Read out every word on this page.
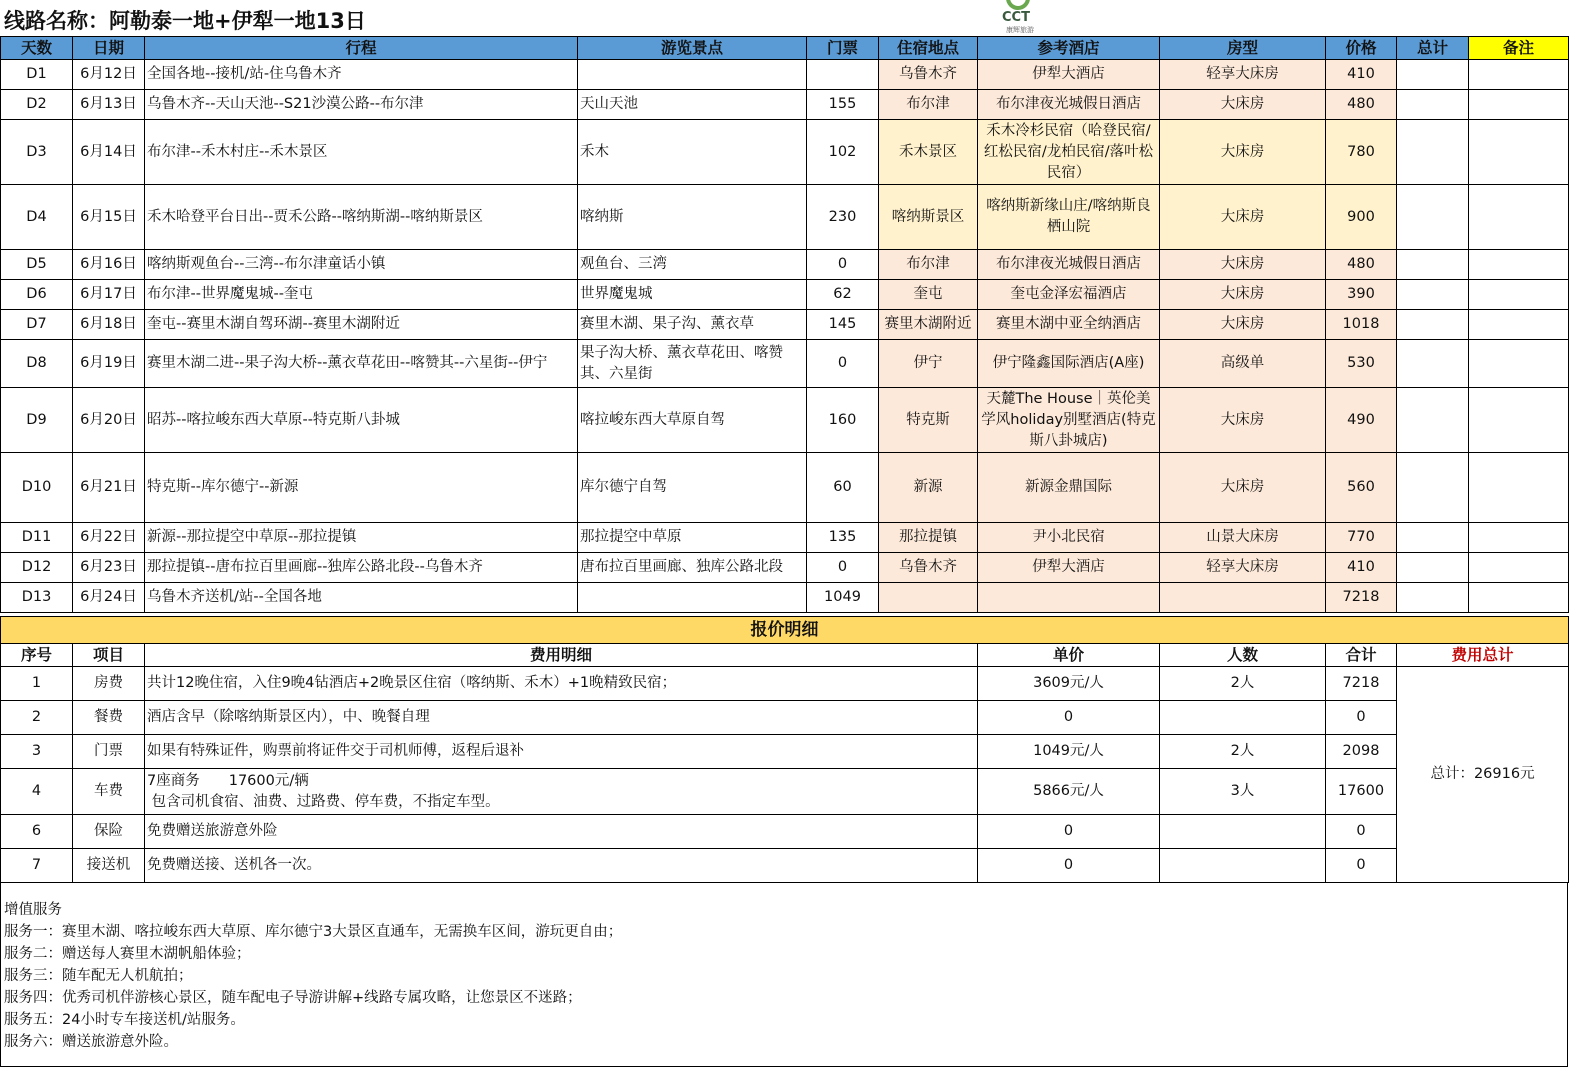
线路名称：阿勒泰一地+伊犁一地13日	CCT
康辉旅游
天数	日期	行程	游览景点	门票	住宿地点	参考酒店	房型	价格	总计	备注
D1	6月12日	全国各地--接机/站-住乌鲁木齐			乌鲁木齐	伊犁大酒店	轻享大床房	410		
D2	6月13日	乌鲁木齐--天山天池--S21沙漠公路--布尔津	天山天池	155	布尔津	布尔津夜光城假日酒店	大床房	480		
D3	6月14日	布尔津--禾木村庄--禾木景区	禾木	102	禾木景区	禾木冷杉民宿（哈登民宿/红松民宿/龙柏民宿/落叶松民宿）	大床房	780		
D4	6月15日	禾木哈登平台日出--贾禾公路--喀纳斯湖--喀纳斯景区	喀纳斯	230	喀纳斯景区	喀纳斯新缘山庄/喀纳斯良栖山院	大床房	900		
D5	6月16日	喀纳斯观鱼台--三湾--布尔津童话小镇	观鱼台、三湾	0	布尔津	布尔津夜光城假日酒店	大床房	480		
D6	6月17日	布尔津--世界魔鬼城--奎屯	世界魔鬼城	62	奎屯	奎屯金泽宏福酒店	大床房	390		
D7	6月18日	奎屯--赛里木湖自驾环湖--赛里木湖附近	赛里木湖、果子沟、薰衣草	145	赛里木湖附近	赛里木湖中亚全纳酒店	大床房	1018		
D8	6月19日	赛里木湖二进--果子沟大桥--薰衣草花田--喀赞其--六星街--伊宁	果子沟大桥、薰衣草花田、喀赞其、六星街	0	伊宁	伊宁隆鑫国际酒店(A座)	高级单	530		
D9	6月20日	昭苏--喀拉峻东西大草原--特克斯八卦城	喀拉峻东西大草原自驾	160	特克斯	天麓The House｜英伦美学风holiday别墅酒店(特克斯八卦城店)	大床房	490		
D10	6月21日	特克斯--库尔德宁--新源	库尔德宁自驾	60	新源	新源金鼎国际	大床房	560		
D11	6月22日	新源--那拉提空中草原--那拉提镇	那拉提空中草原	135	那拉提镇	尹小北民宿	山景大床房	770		
D12	6月23日	那拉提镇--唐布拉百里画廊--独库公路北段--乌鲁木齐	唐布拉百里画廊、独库公路北段	0	乌鲁木齐	伊犁大酒店	轻享大床房	410		
D13	6月24日	乌鲁木齐送机/站--全国各地		1049				7218		
报价明细						
序号	项目	费用明细	单价	人数	合计	费用总计
1	房费	共计12晚住宿，入住9晚4钻酒店+2晚景区住宿（喀纳斯、禾木）+1晚精致民宿；	3609元/人	2人	7218	总计：26916元
2	餐费	酒店含早（除喀纳斯景区内），中、晚餐自理	0		0	
3	门票	如果有特殊证件，购票前将证件交于司机师傅，返程后退补	1049元/人	2人	2098	
4	车费	7座商务　　17600元/辆
包含司机食宿、油费、过路费、停车费，不指定车型。	5866元/人	3人	17600	
6	保险	免费赠送旅游意外险	0		0	
7	接送机	免费赠送接、送机各一次。	0		0	
增值服务
服务一：赛里木湖、喀拉峻东西大草原、库尔德宁3大景区直通车，无需换车区间，游玩更自由；
服务二：赠送每人赛里木湖帆船体验；
服务三：随车配无人机航拍；
服务四：优秀司机伴游核心景区，随车配电子导游讲解+线路专属攻略，让您景区不迷路；
服务五：24小时专车接送机/站服务。
服务六：赠送旅游意外险。
